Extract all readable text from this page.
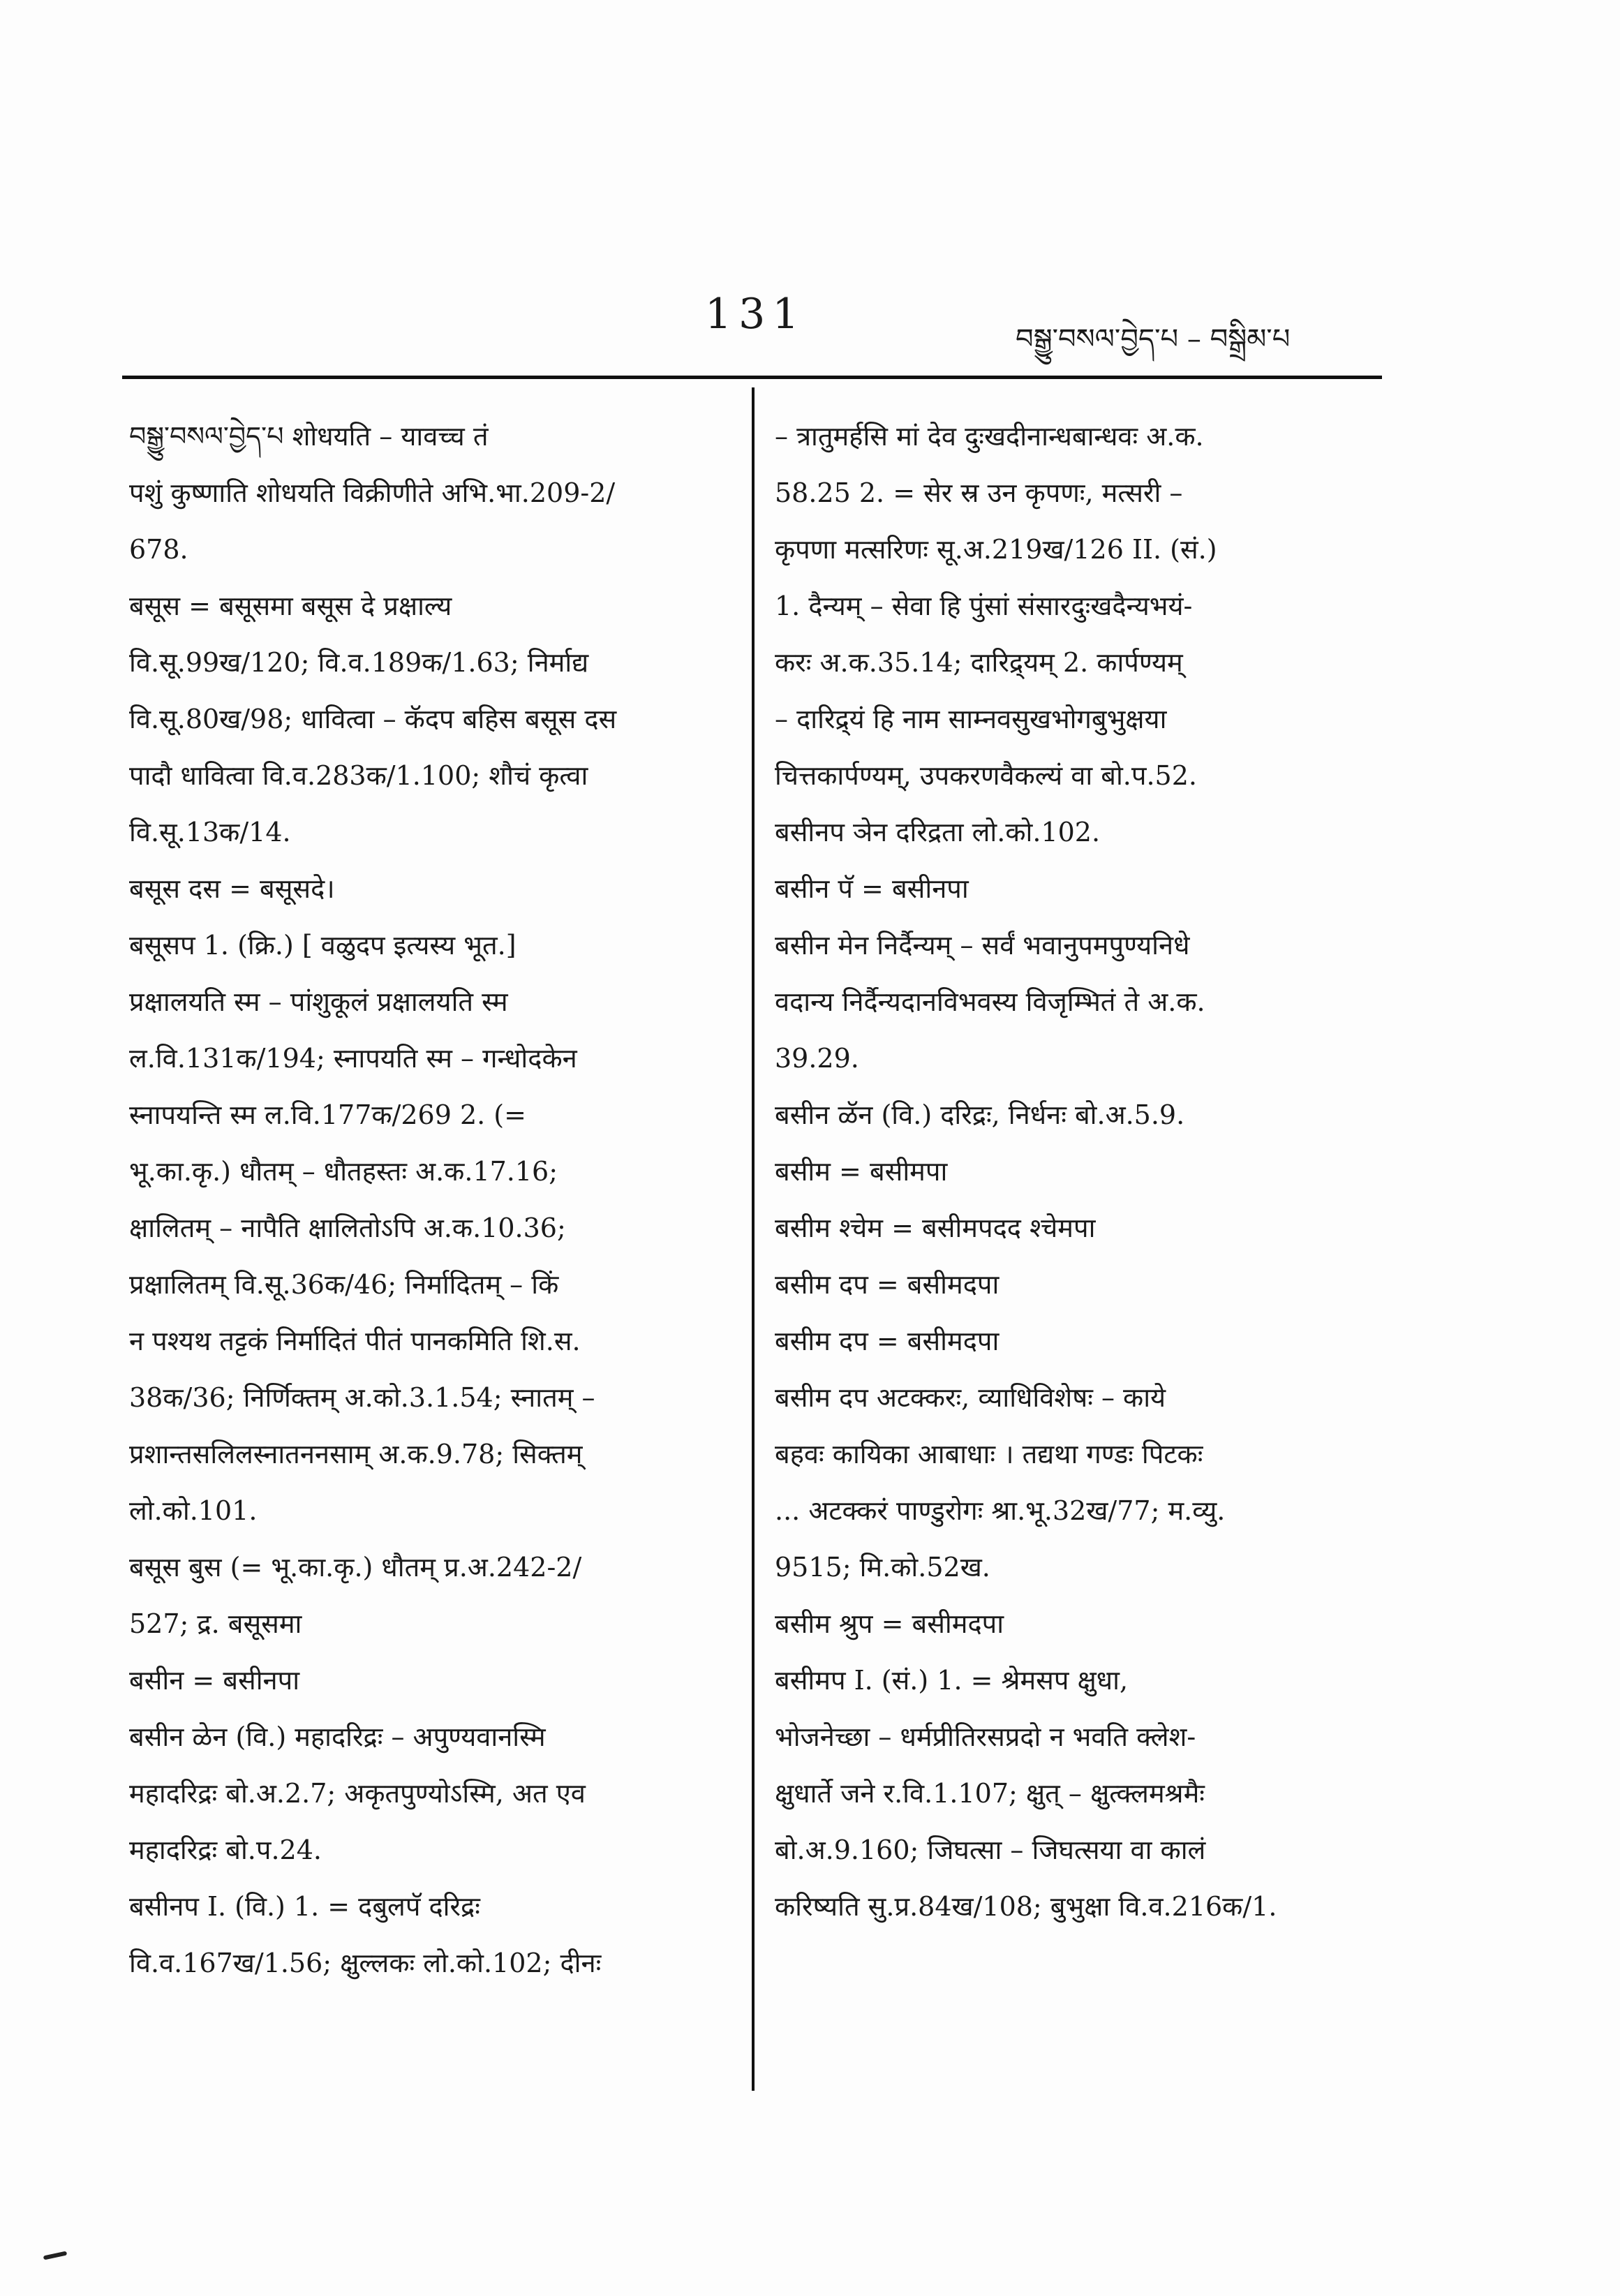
131
བསྒྱུ་བསལ་བྱེད་པ – བསྒྲིམ་པ
བསྒྱུ་བསལ་བྱེད་པ शोधयति – यावच्च तं
पशुं कुष्णाति शोधयति विक्रीणीते अभि.भा.209-2/
678.
बसूस = बसूसमा बसूस दे प्रक्षाल्य
वि.सू.99ख/120; वि.व.189क/1.63; निर्माद्य
वि.सू.80ख/98; धावित्वा – कॅदप बहिस बसूस दस
पादौ धावित्वा वि.व.283क/1.100; शौचं कृत्वा
वि.सू.13क/14.
बसूस दस = बसूसदे।
बसूसप 1. (क्रि.) [ वळुदप इत्यस्य भूत.]
प्रक्षालयति स्म – पांशुकूलं प्रक्षालयति स्म
ल.वि.131क/194; स्नापयति स्म – गन्धोदकेन
स्नापयन्ति स्म ल.वि.177क/269 2. (=
भू.का.कृ.) धौतम् – धौतहस्तः अ.क.17.16;
क्षालितम् – नापैति क्षालितोऽपि अ.क.10.36;
प्रक्षालितम् वि.सू.36क/46; निर्मादितम् – किं
न पश्यथ तट्टकं निर्मादितं पीतं पानकमिति शि.स.
38क/36; निर्णिक्तम् अ.को.3.1.54; स्नातम् –
प्रशान्तसलिलस्नातननसाम् अ.क.9.78; सिक्तम्
लो.को.101.
बसूस बुस (= भू.का.कृ.) धौतम् प्र.अ.242-2/
527; द्र. बसूसमा
बसीन = बसीनपा
बसीन ळेन (वि.) महादरिद्रः – अपुण्यवानस्मि
महादरिद्रः बो.अ.2.7; अकृतपुण्योऽस्मि, अत एव
महादरिद्रः बो.प.24.
बसीनप I. (वि.) 1. = दबुलपॅ दरिद्रः
वि.व.167ख/1.56; क्षुल्लकः लो.को.102; दीनः
– त्रातुमर्हसि मां देव दुःखदीनान्धबान्धवः अ.क.
58.25 2. = सेर स्र उन कृपणः, मत्सरी –
कृपणा मत्सरिणः सू.अ.219ख/126 II. (सं.)
1. दैन्यम् – सेवा हि पुंसां संसारदुःखदैन्यभयं-
करः अ.क.35.14; दारिद्र्यम् 2. कार्पण्यम्
– दारिद्र्यं हि नाम साम्नवसुखभोगबुभुक्षया
चित्तकार्पण्यम्, उपकरणवैकल्यं वा बो.प.52.
बसीनप ञेन दरिद्रता लो.को.102.
बसीन पॅ = बसीनपा
बसीन मेन निर्दैन्यम् – सर्वं भवानुपमपुण्यनिधे
वदान्य निर्दैन्यदानविभवस्य विजृम्भितं ते अ.क.
39.29.
बसीन ळॅन (वि.) दरिद्रः, निर्धनः बो.अ.5.9.
बसीम = बसीमपा
बसीम श्चेम = बसीमपदद श्चेमपा
बसीम दप = बसीमदपा
बसीम दप = बसीमदपा
बसीम दप अटक्करः, व्याधिविशेषः – काये
बहवः कायिका आबाधाः । तद्यथा गण्डः पिटकः
... अटक्करं पाण्डुरोगः श्रा.भू.32ख/77; म.व्यु.
9515; मि.को.52ख.
बसीम श्रुप = बसीमदपा
बसीमप I. (सं.) 1. = श्रेमसप क्षुधा,
भोजनेच्छा – धर्मप्रीतिरसप्रदो न भवति क्लेश-
क्षुधार्ते जने र.वि.1.107; क्षुत् – क्षुत्क्लमश्रमैः
बो.अ.9.160; जिघत्सा – जिघत्सया वा कालं
करिष्यति सु.प्र.84ख/108; बुभुक्षा वि.व.216क/1.
